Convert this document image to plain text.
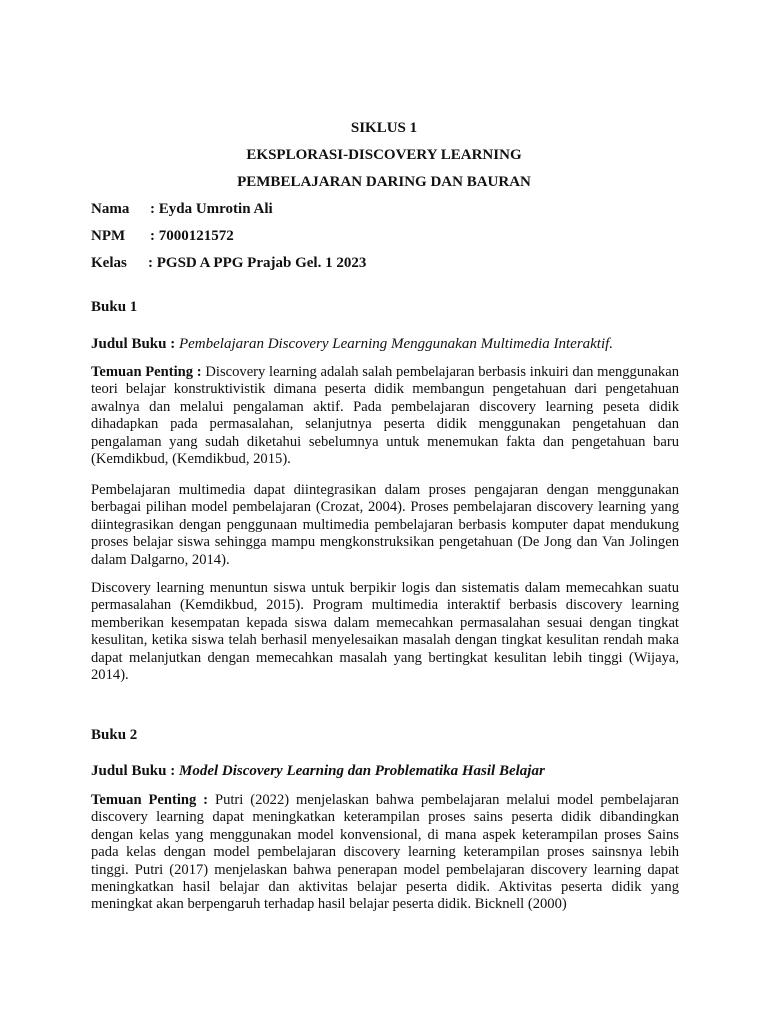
SIKLUS 1
EKSPLORASI-DISCOVERY LEARNING
PEMBELAJARAN DARING DAN BAURAN
Nama : Eyda Umrotin Ali
NPM : 7000121572
Kelas : PGSD A PPG Prajab Gel. 1 2023
Buku 1
Judul Buku : Pembelajaran Discovery Learning Menggunakan Multimedia Interaktif.

Temuan Penting : Discovery learning adalah salah pembelajaran berbasis inkuiri dan menggunakan teori belajar konstruktivistik dimana peserta didik membangun pengetahuan dari pengetahuan awalnya dan melalui pengalaman aktif. Pada pembelajaran discovery learning peseta didik dihadapkan pada permasalahan, selanjutnya peserta didik menggunakan pengetahuan dan pengalaman yang sudah diketahui sebelumnya untuk menemukan fakta dan pengetahuan baru (Kemdikbud, (Kemdikbud, 2015).

Pembelajaran multimedia dapat diintegrasikan dalam proses pengajaran dengan menggunakan berbagai pilihan model pembelajaran (Crozat, 2004). Proses pembelajaran discovery learning yang diintegrasikan dengan penggunaan multimedia pembelajaran berbasis komputer dapat mendukung proses belajar siswa sehingga mampu mengkonstruksikan pengetahuan (De Jong dan Van Jolingen dalam Dalgarno, 2014).

Discovery learning menuntun siswa untuk berpikir logis dan sistematis dalam memecahkan suatu permasalahan (Kemdikbud, 2015). Program multimedia interaktif berbasis discovery learning memberikan kesempatan kepada siswa dalam memecahkan permasalahan sesuai dengan tingkat kesulitan, ketika siswa telah berhasil menyelesaikan masalah dengan tingkat kesulitan rendah maka dapat melanjutkan dengan memecahkan masalah yang bertingkat kesulitan lebih tinggi (Wijaya, 2014).

Buku 2
Judul Buku : Model Discovery Learning dan Problematika Hasil Belajar

Temuan Penting : Putri (2022) menjelaskan bahwa pembelajaran melalui model pembelajaran discovery learning dapat meningkatkan keterampilan proses sains peserta didik dibandingkan dengan kelas yang menggunakan model konvensional, di mana aspek keterampilan proses Sains pada kelas dengan model pembelajaran discovery learning keterampilan proses sainsnya lebih tinggi. Putri (2017) menjelaskan bahwa penerapan model pembelajaran discovery learning dapat meningkatkan hasil belajar dan aktivitas belajar peserta didik. Aktivitas peserta didik yang meningkat akan berpengaruh terhadap hasil belajar peserta didik. Bicknell (2000)
